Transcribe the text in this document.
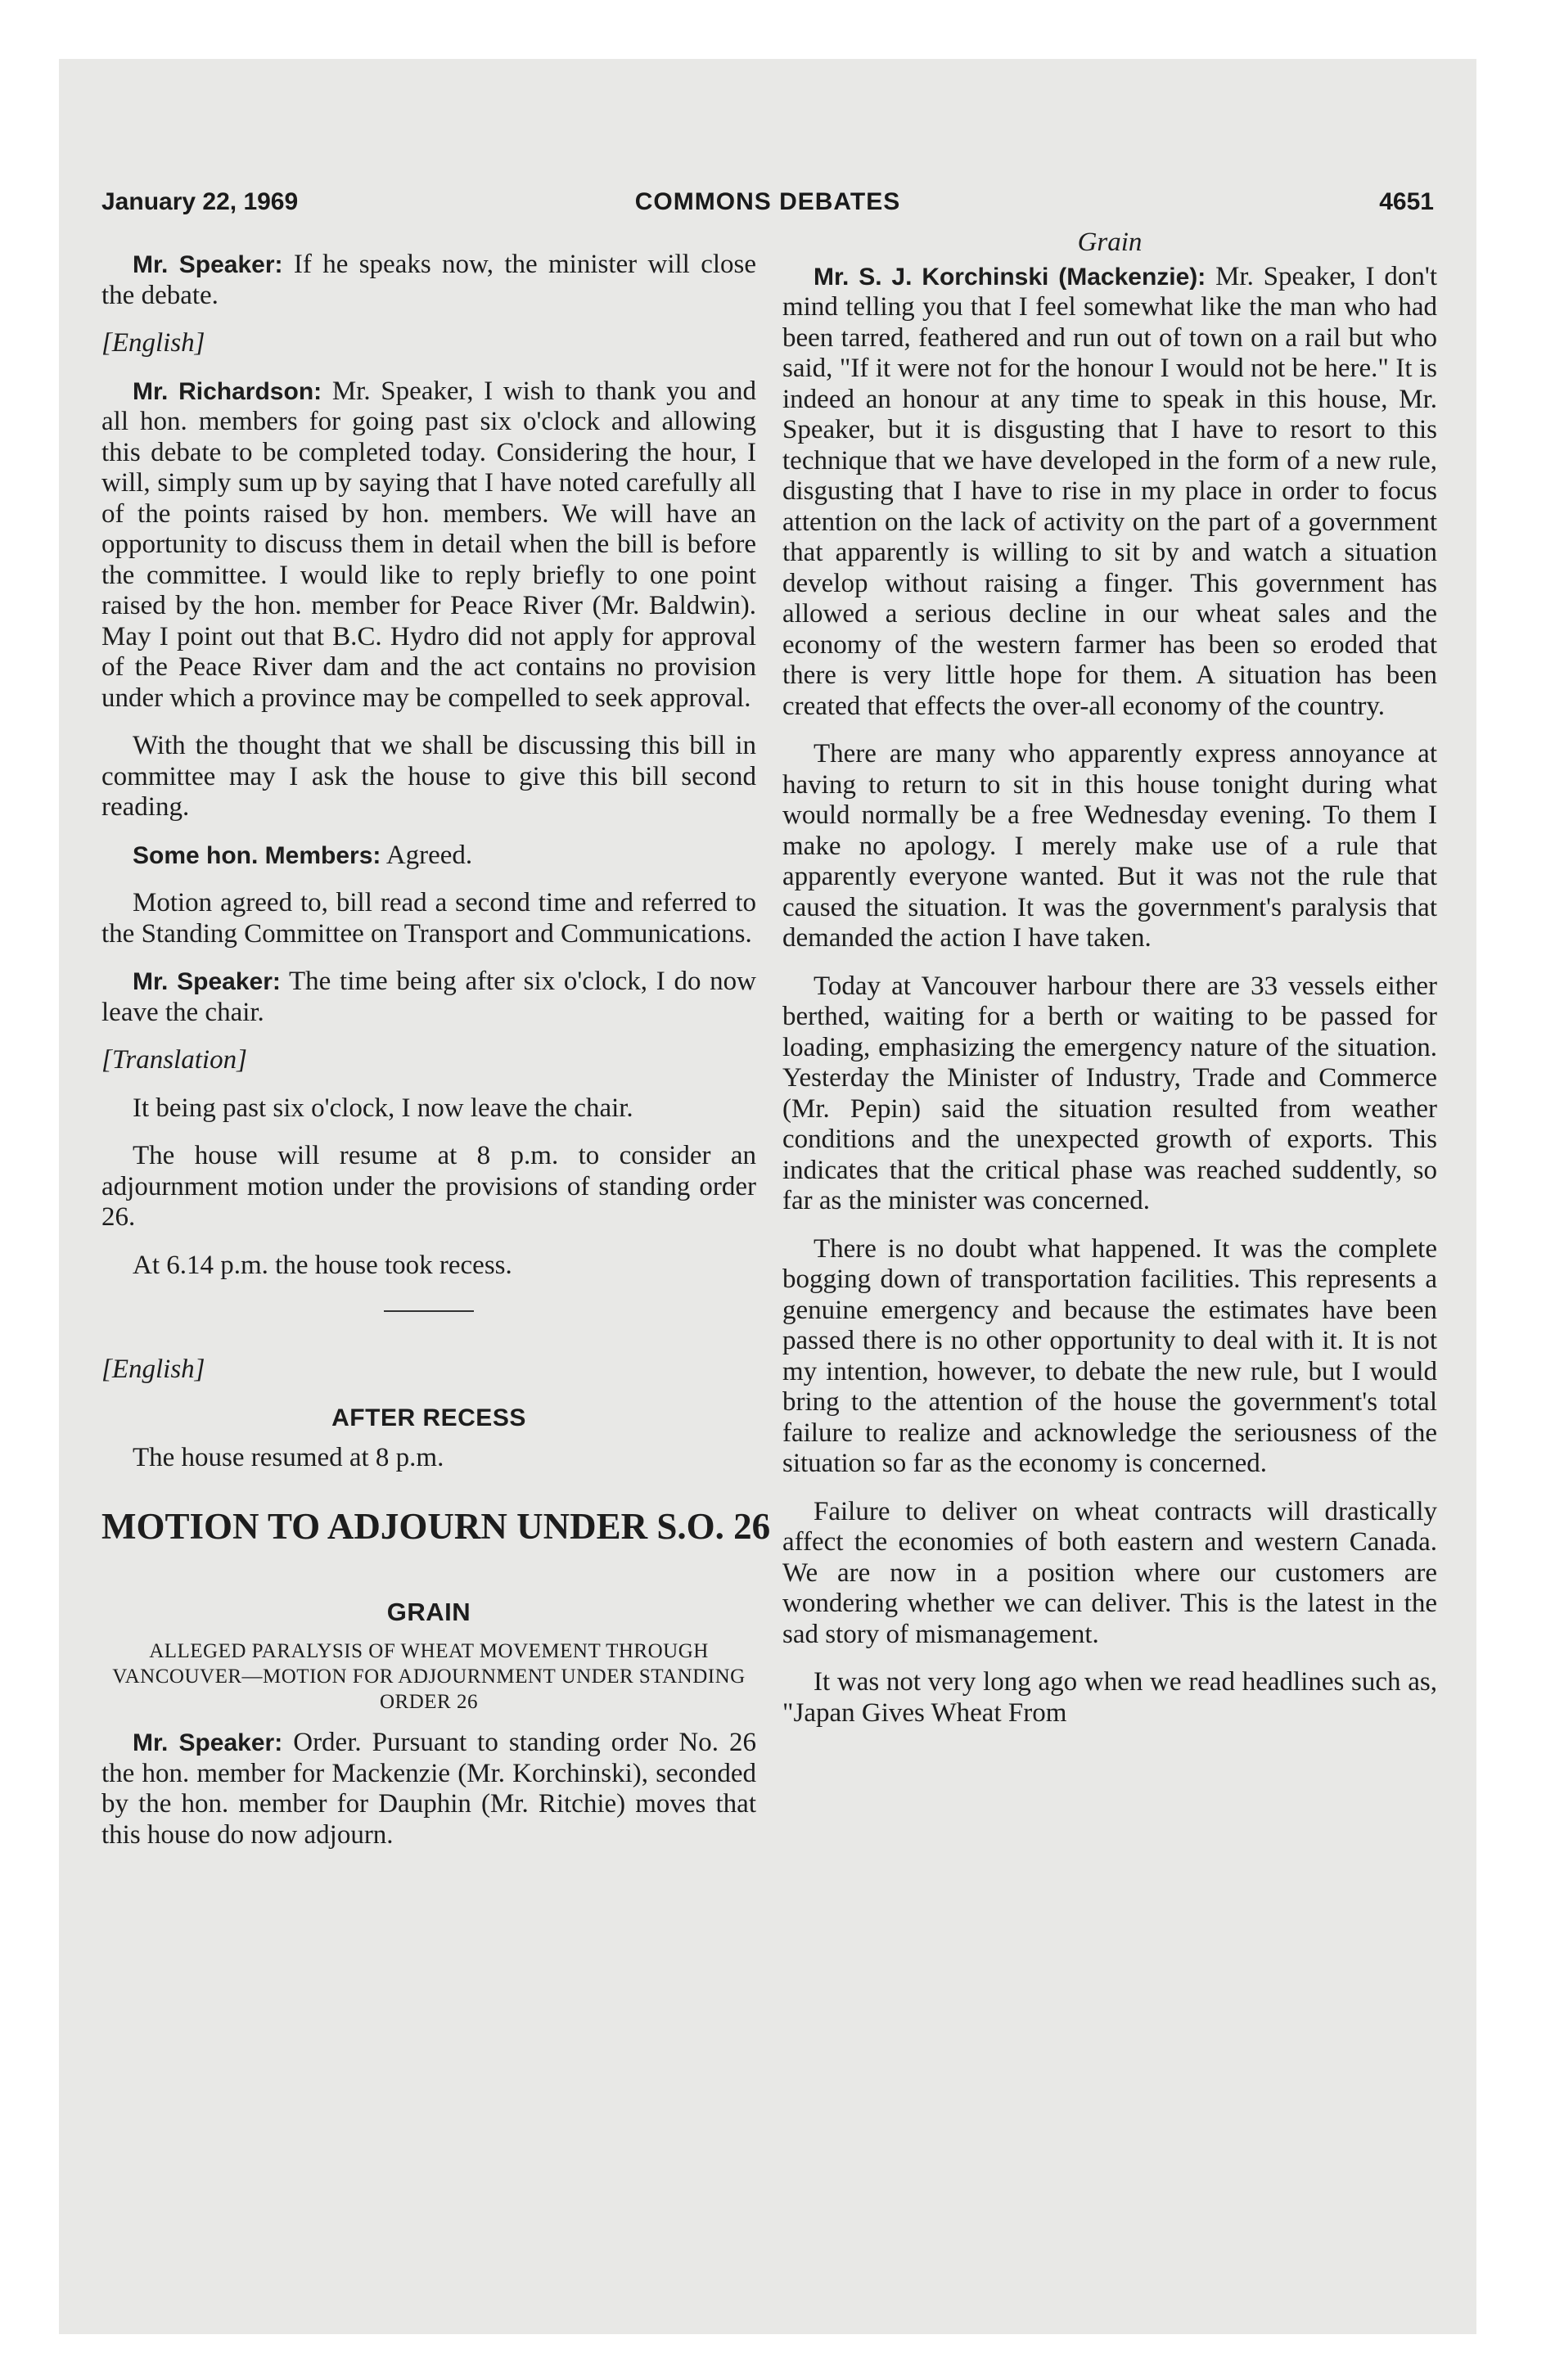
January 22, 1969	COMMONS DEBATES	4651

Mr. Speaker: If he speaks now, the minister will close the debate.

[English]

Mr. Richardson: Mr. Speaker, I wish to thank you and all hon. members for going past six o'clock and allowing this debate to be completed today. Considering the hour, I will, simply sum up by saying that I have noted carefully all of the points raised by hon. members. We will have an opportunity to discuss them in detail when the bill is before the committee. I would like to reply briefly to one point raised by the hon. member for Peace River (Mr. Baldwin). May I point out that B.C. Hydro did not apply for approval of the Peace River dam and the act contains no provision under which a province may be compelled to seek approval.

With the thought that we shall be discussing this bill in committee may I ask the house to give this bill second reading.

Some hon. Members: Agreed.

Motion agreed to, bill read a second time and referred to the Standing Committee on Transport and Communications.

Mr. Speaker: The time being after six o'clock, I do now leave the chair.

[Translation]

It being past six o'clock, I now leave the chair.

The house will resume at 8 p.m. to consider an adjournment motion under the provisions of standing order 26.

At 6.14 p.m. the house took recess.

[English]

AFTER RECESS

The house resumed at 8 p.m.

MOTION TO ADJOURN UNDER S.O. 26
GRAIN
ALLEGED PARALYSIS OF WHEAT MOVEMENT THROUGH VANCOUVER—MOTION FOR ADJOURNMENT UNDER STANDING ORDER 26

Mr. Speaker: Order. Pursuant to standing order No. 26 the hon. member for Mackenzie (Mr. Korchinski), seconded by the hon. member for Dauphin (Mr. Ritchie) moves that this house do now adjourn.

Grain

Mr. S. J. Korchinski (Mackenzie): Mr. Speaker, I don't mind telling you that I feel somewhat like the man who had been tarred, feathered and run out of town on a rail but who said, "If it were not for the honour I would not be here." It is indeed an honour at any time to speak in this house, Mr. Speaker, but it is disgusting that I have to resort to this technique that we have developed in the form of a new rule, disgusting that I have to rise in my place in order to focus attention on the lack of activity on the part of a government that apparently is willing to sit by and watch a situation develop without raising a finger. This government has allowed a serious decline in our wheat sales and the economy of the western farmer has been so eroded that there is very little hope for them. A situation has been created that effects the over-all economy of the country.

There are many who apparently express annoyance at having to return to sit in this house tonight during what would normally be a free Wednesday evening. To them I make no apology. I merely make use of a rule that apparently everyone wanted. But it was not the rule that caused the situation. It was the government's paralysis that demanded the action I have taken.

Today at Vancouver harbour there are 33 vessels either berthed, waiting for a berth or waiting to be passed for loading, emphasizing the emergency nature of the situation. Yesterday the Minister of Industry, Trade and Commerce (Mr. Pepin) said the situation resulted from weather conditions and the unexpected growth of exports. This indicates that the critical phase was reached suddently, so far as the minister was concerned.

There is no doubt what happened. It was the complete bogging down of transportation facilities. This represents a genuine emergency and because the estimates have been passed there is no other opportunity to deal with it. It is not my intention, however, to debate the new rule, but I would bring to the attention of the house the government's total failure to realize and acknowledge the seriousness of the situation so far as the economy is concerned.

Failure to deliver on wheat contracts will drastically affect the economies of both eastern and western Canada. We are now in a position where our customers are wondering whether we can deliver. This is the latest in the sad story of mismanagement.

It was not very long ago when we read headlines such as, "Japan Gives Wheat From
